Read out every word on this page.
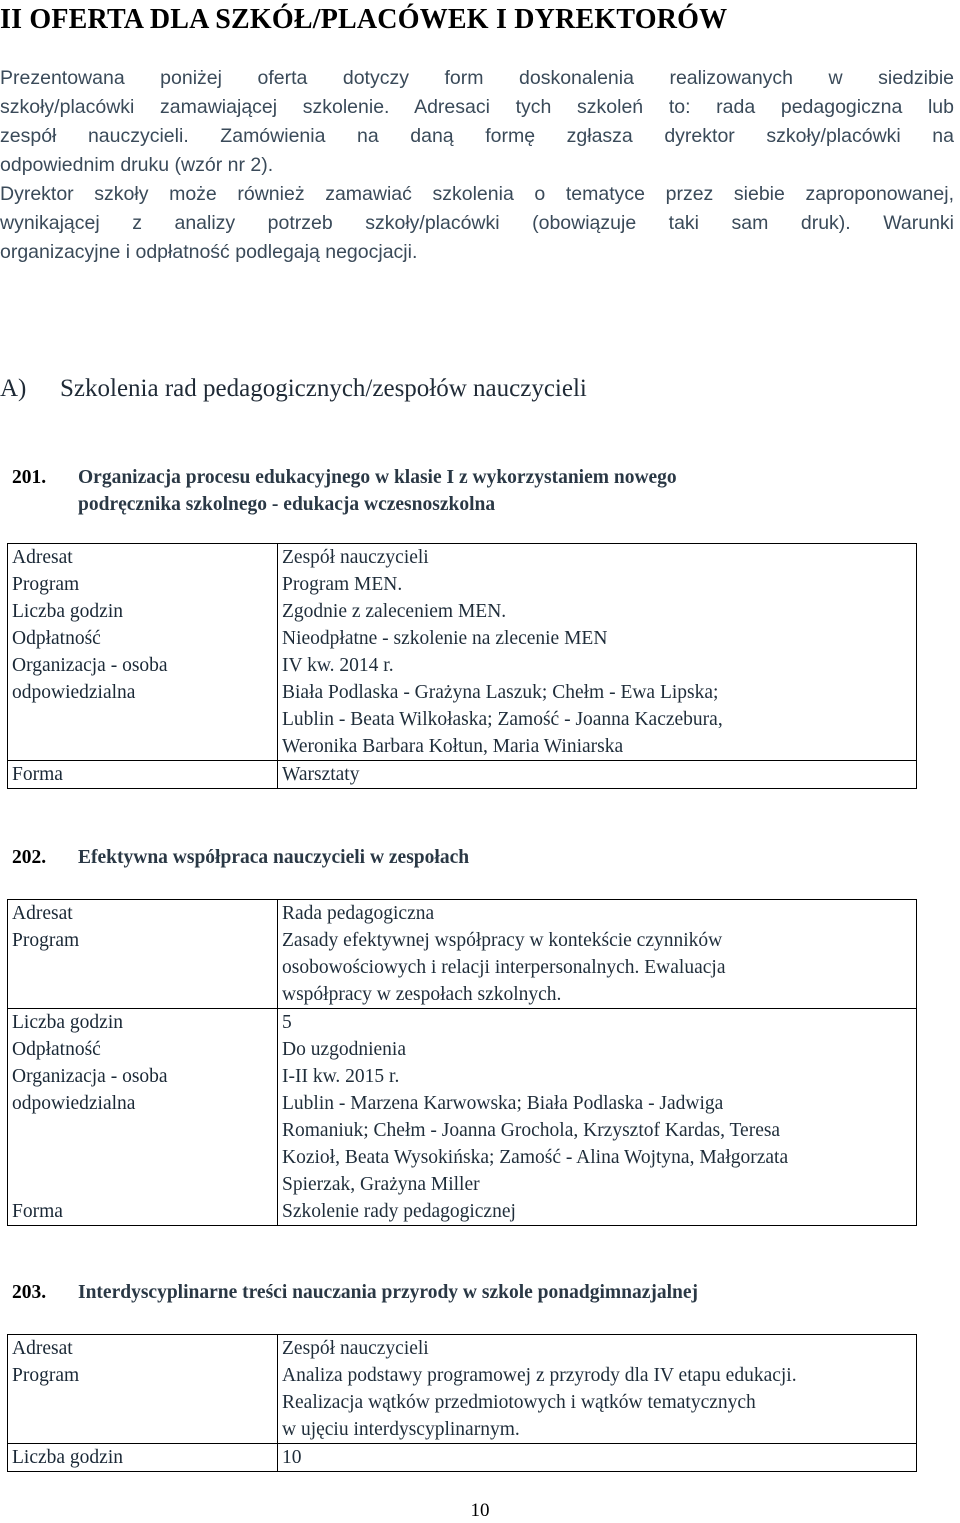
II OFERTA DLA SZKÓŁ/PLACÓWEK I DYREKTORÓW

Prezentowana poniżej oferta dotyczy form doskonalenia realizowanych w siedzibie
szkoły/placówki zamawiającej szkolenie. Adresaci tych szkoleń to: rada pedagogiczna lub
zespół nauczycieli. Zamówienia na daną formę zgłasza dyrektor szkoły/placówki na
odpowiednim druku (wzór nr 2).
Dyrektor szkoły może również zamawiać szkolenia o tematyce przez siebie zaproponowanej,
wynikającej z analizy potrzeb szkoły/placówki (obowiązuje taki sam druk). Warunki
organizacyjne i odpłatność podlegają negocjacji.

A) Szkolenia rad pedagogicznych/zespołów nauczycieli
201. Organizacja procesu edukacyjnego w klasie I z wykorzystaniem nowego
podręcznika szkolnego - edukacja wczesnoszkolna
Adresat	Zespół nauczycieli
Program	Program MEN.

Liczba godzin	Zgodnie z zaleceniem MEN.
Odpłatność	Nieodpłatne - szkolenie na zlecenie MEN

Organizacja - osoba
odpowiedzialna	IV kw. 2014 r.
Biała Podlaska - Grażyna Laszuk; Chełm - Ewa Lipska;
Lublin - Beata Wilkołaska; Zamość - Joanna Kaczebura,
Weronika Barbara Kołtun, Maria Winiarska

Forma	Warsztaty
202. Efektywna współpraca nauczycieli w zespołach
Adresat	Rada pedagogiczna
Program	Zasady efektywnej współpracy w kontekście czynników
osobowościowych i relacji interpersonalnych. Ewaluacja
współpracy w zespołach szkolnych.

Liczba godzin	5
Odpłatność	Do uzgodnienia

Organizacja - osoba
odpowiedzialna	I-II kw. 2015 r.
Lublin - Marzena Karwowska; Biała Podlaska - Jadwiga
Romaniuk; Chełm - Joanna Grochola, Krzysztof Kardas, Teresa
Kozioł, Beata Wysokińska; Zamość - Alina Wojtyna, Małgorzata
Spierzak, Grażyna Miller

Forma	Szkolenie rady pedagogicznej
203. Interdyscyplinarne treści nauczania przyrody w szkole ponadgimnazjalnej
Adresat	Zespół nauczycieli
Program	Analiza podstawy programowej z przyrody dla IV etapu edukacji.
Realizacja wątków przedmiotowych i wątków tematycznych
w ujęciu interdyscyplinarnym.

Liczba godzin	10
10
